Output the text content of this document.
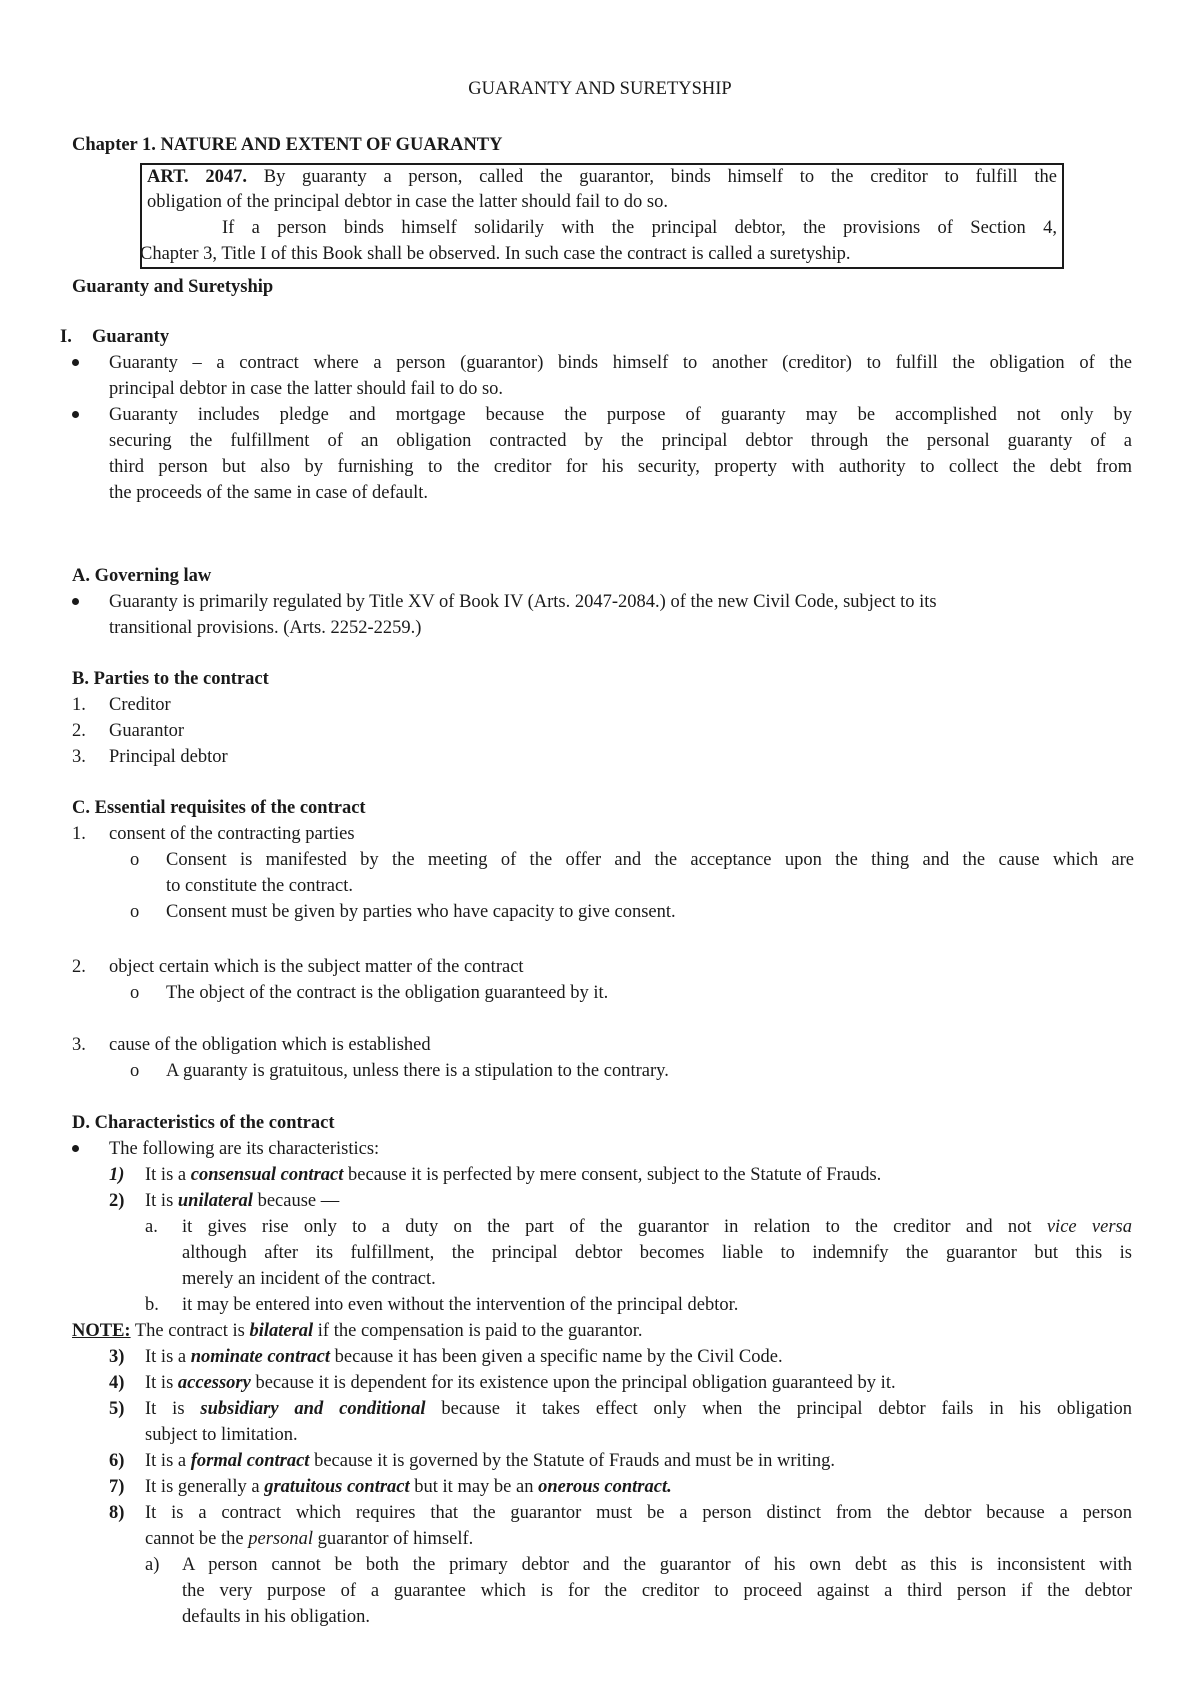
GUARANTY AND SURETYSHIP
Chapter 1. NATURE AND EXTENT OF GUARANTY
ART. 2047. By guaranty a person, called the guarantor, binds himself to the creditor to fulfill the
obligation of the principal debtor in case the latter should fail to do so.
If a person binds himself solidarily with the principal debtor, the provisions of Section 4,
Chapter 3, Title I of this Book shall be observed. In such case the contract is called a suretyship.
Guaranty and Suretyship
I. Guaranty
Guaranty – a contract where a person (guarantor) binds himself to another (creditor) to fulfill the obligation of the
principal debtor in case the latter should fail to do so.
Guaranty includes pledge and mortgage because the purpose of guaranty may be accomplished not only by
securing the fulfillment of an obligation contracted by the principal debtor through the personal guaranty of a
third person but also by furnishing to the creditor for his security, property with authority to collect the debt from
the proceeds of the same in case of default.
A. Governing law
Guaranty is primarily regulated by Title XV of Book IV (Arts. 2047-2084.) of the new Civil Code, subject to its
transitional provisions. (Arts. 2252-2259.)
B. Parties to the contract
1. Creditor
2. Guarantor
3. Principal debtor
C. Essential requisites of the contract
1. consent of the contracting parties
o Consent is manifested by the meeting of the offer and the acceptance upon the thing and the cause which are
to constitute the contract.
o Consent must be given by parties who have capacity to give consent.
2. object certain which is the subject matter of the contract
o The object of the contract is the obligation guaranteed by it.
3. cause of the obligation which is established
o A guaranty is gratuitous, unless there is a stipulation to the contrary.
D. Characteristics of the contract
The following are its characteristics:
1) It is a consensual contract because it is perfected by mere consent, subject to the Statute of Frauds.
2) It is unilateral because —
a. it gives rise only to a duty on the part of the guarantor in relation to the creditor and not vice versa
although after its fulfillment, the principal debtor becomes liable to indemnify the guarantor but this is
merely an incident of the contract.
b. it may be entered into even without the intervention of the principal debtor.
NOTE: The contract is bilateral if the compensation is paid to the guarantor.
3) It is a nominate contract because it has been given a specific name by the Civil Code.
4) It is accessory because it is dependent for its existence upon the principal obligation guaranteed by it.
5) It is subsidiary and conditional because it takes effect only when the principal debtor fails in his obligation
subject to limitation.
6) It is a formal contract because it is governed by the Statute of Frauds and must be in writing.
7) It is generally a gratuitous contract but it may be an onerous contract.
8) It is a contract which requires that the guarantor must be a person distinct from the debtor because a person
cannot be the personal guarantor of himself.
a) A person cannot be both the primary debtor and the guarantor of his own debt as this is inconsistent with
the very purpose of a guarantee which is for the creditor to proceed against a third person if the debtor
defaults in his obligation.
